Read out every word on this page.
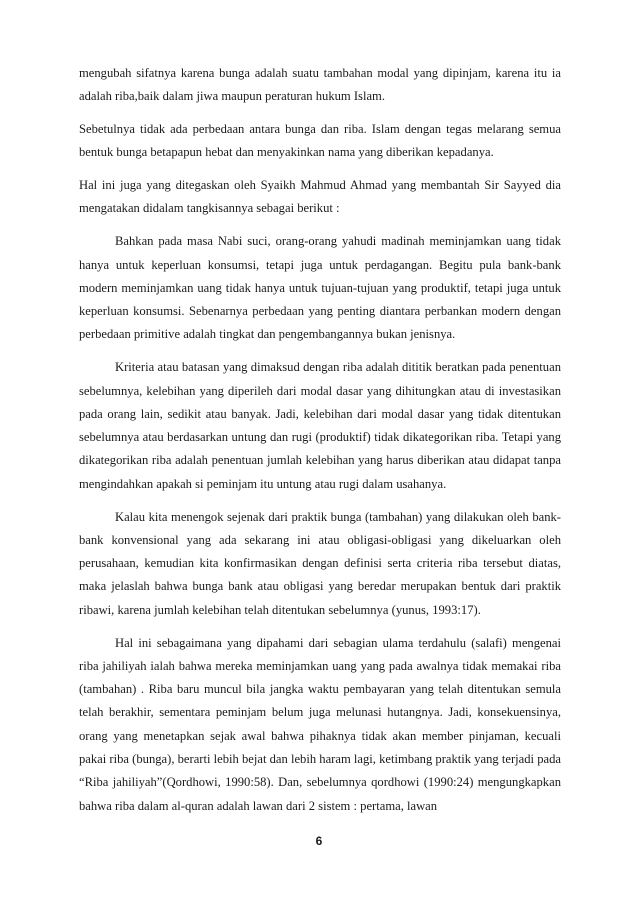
mengubah sifatnya karena bunga adalah suatu tambahan modal yang dipinjam, karena itu ia adalah riba,baik dalam jiwa maupun peraturan hukum Islam.

Sebetulnya tidak ada perbedaan antara bunga dan riba. Islam dengan tegas melarang semua bentuk bunga betapapun hebat dan menyakinkan nama yang diberikan kepadanya.

Hal ini juga yang ditegaskan oleh Syaikh Mahmud Ahmad yang membantah Sir Sayyed dia mengatakan didalam tangkisannya sebagai berikut :

Bahkan pada masa Nabi suci, orang-orang yahudi madinah meminjamkan uang tidak hanya untuk keperluan konsumsi, tetapi juga untuk perdagangan. Begitu pula bank-bank modern meminjamkan uang tidak hanya untuk tujuan-tujuan yang produktif, tetapi juga untuk keperluan konsumsi. Sebenarnya perbedaan yang penting diantara perbankan modern dengan perbedaan primitive adalah tingkat dan pengembangannya bukan jenisnya.

Kriteria atau batasan yang dimaksud dengan riba adalah dititik beratkan pada penentuan sebelumnya, kelebihan yang diperileh dari modal dasar yang dihitungkan atau di investasikan pada orang lain, sedikit atau banyak. Jadi, kelebihan dari modal dasar yang tidak ditentukan sebelumnya atau berdasarkan untung dan rugi (produktif) tidak dikategorikan riba. Tetapi yang dikategorikan riba adalah penentuan jumlah kelebihan yang harus diberikan atau didapat tanpa mengindahkan apakah si peminjam itu untung atau rugi dalam usahanya.

Kalau kita menengok sejenak dari praktik bunga (tambahan) yang dilakukan oleh bank-bank konvensional yang ada sekarang ini atau obligasi-obligasi yang dikeluarkan oleh perusahaan, kemudian kita konfirmasikan dengan definisi serta criteria riba tersebut diatas, maka jelaslah bahwa bunga bank atau obligasi yang beredar merupakan bentuk dari praktik ribawi, karena jumlah kelebihan telah ditentukan sebelumnya (yunus, 1993:17).

Hal ini sebagaimana yang dipahami dari sebagian ulama terdahulu (salafi) mengenai riba jahiliyah ialah bahwa mereka meminjamkan uang yang pada awalnya tidak memakai riba (tambahan) . Riba baru muncul bila jangka waktu pembayaran yang telah ditentukan semula telah berakhir, sementara peminjam belum juga melunasi hutangnya. Jadi, konsekuensinya, orang yang menetapkan sejak awal bahwa pihaknya tidak akan member pinjaman, kecuali pakai riba (bunga), berarti lebih bejat dan lebih haram lagi, ketimbang praktik yang terjadi pada “Riba jahiliyah”(Qordhowi, 1990:58). Dan, sebelumnya qordhowi (1990:24) mengungkapkan bahwa riba dalam al-quran adalah lawan dari 2 sistem : pertama, lawan

6
